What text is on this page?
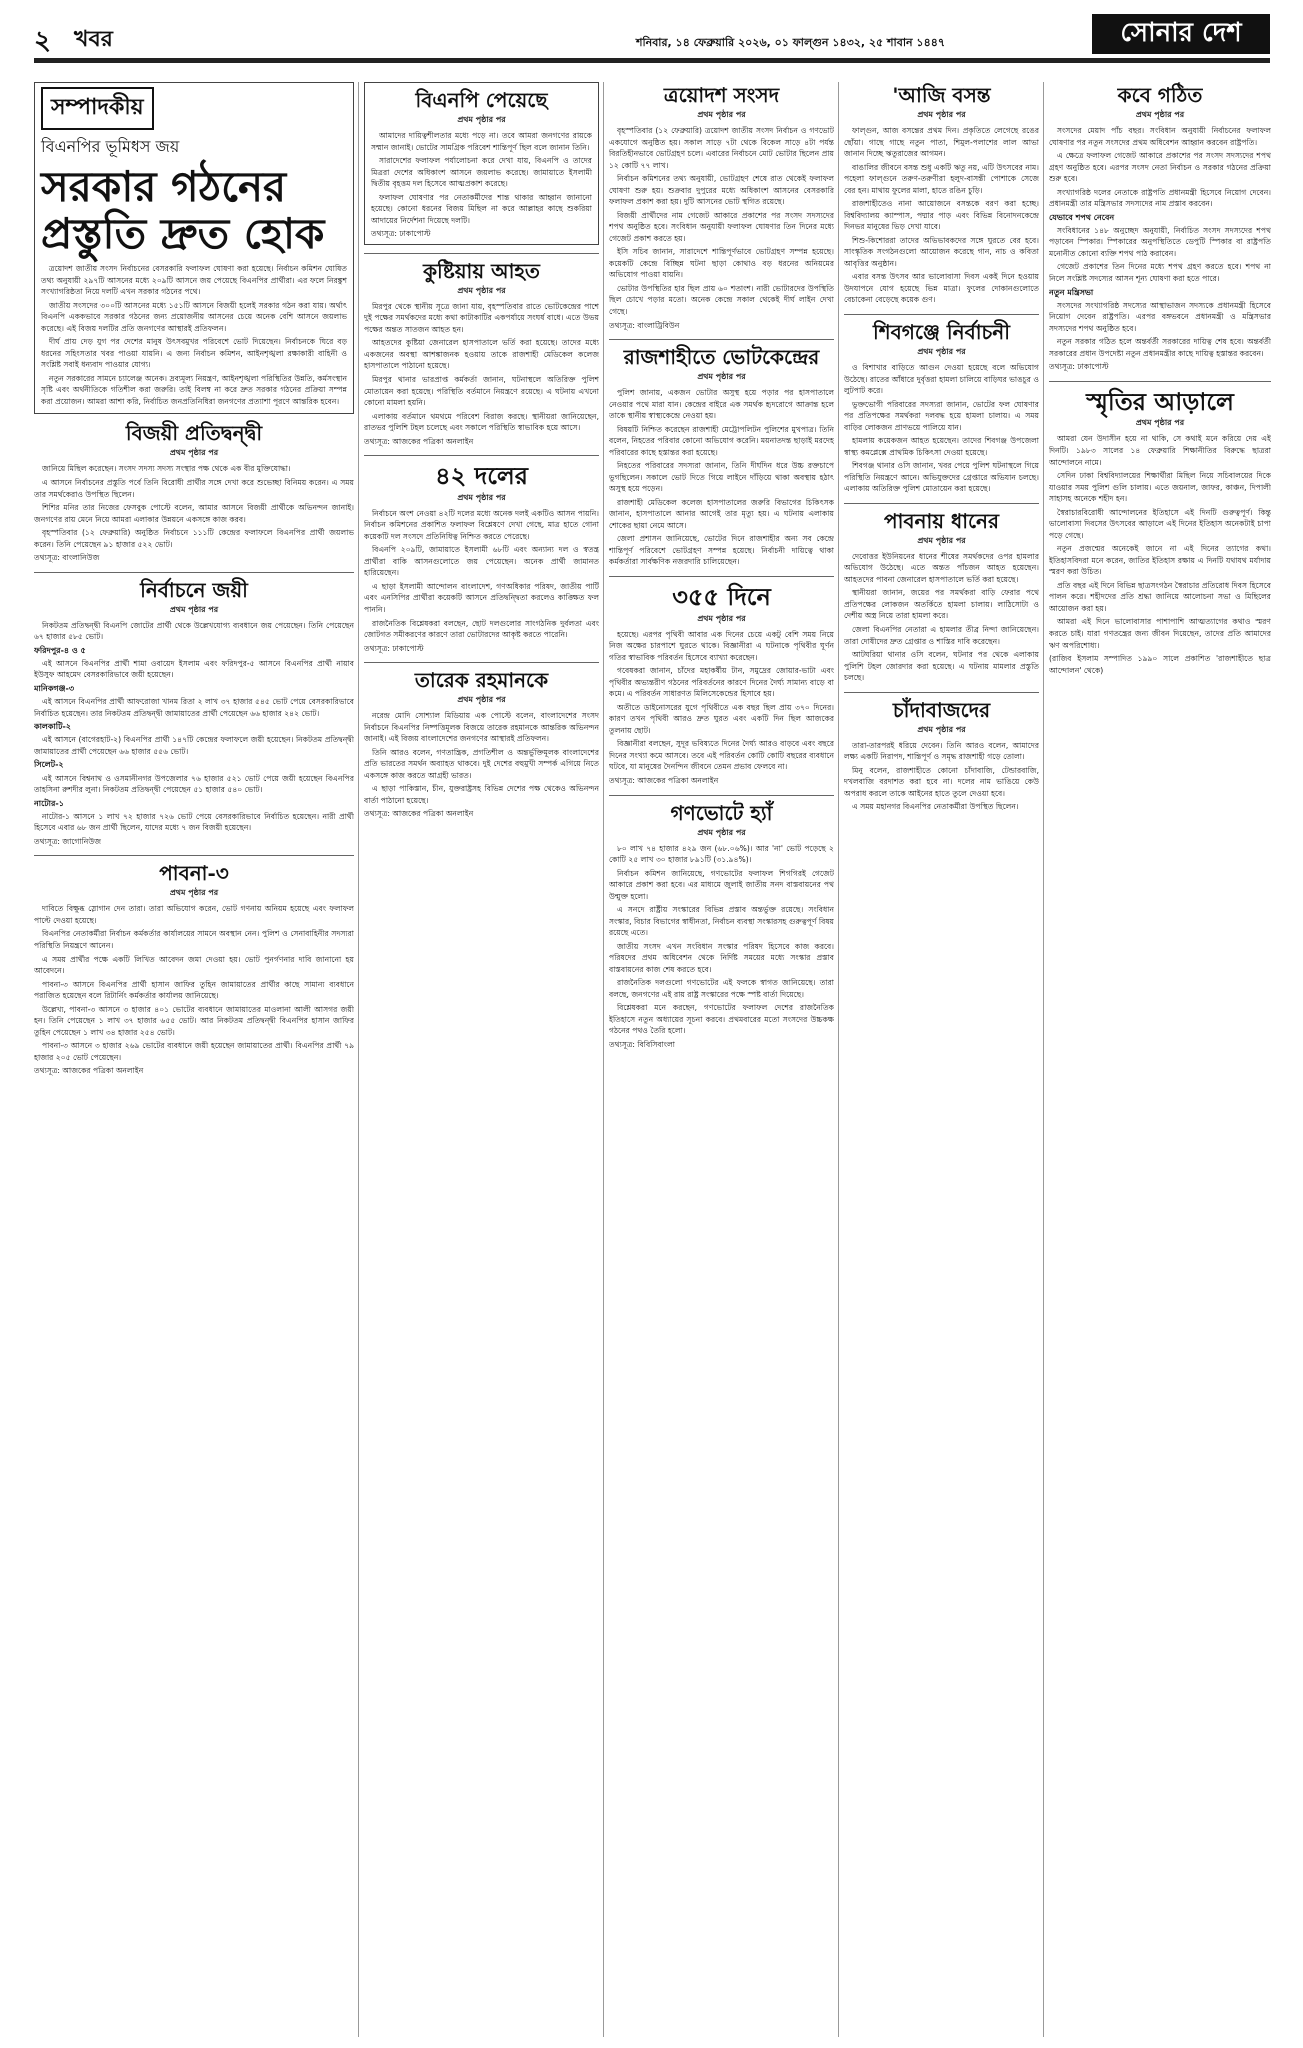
২ খবর	শনিবার, ১৪ ফেব্রুয়ারি ২০২৬, ০১ ফাল্গুন ১৪৩২, ২৫ শাবান ১৪৪৭	সোনার দেশ
সম্পাদকীয়
বিএনপির ভূমিধস জয়
সরকার গঠনের প্রস্তুতি দ্রুত হোক

ত্রয়োদশ জাতীয় সংসদ নির্বাচনের বেসরকারি ফলাফল ঘোষণা করা হয়েছে। নির্বাচন কমিশন ঘোষিত তথ্য অনুযায়ী ২৯৭টি আসনের মধ্যে ২০৯টি আসনে জয় পেয়েছে বিএনপির প্রার্থীরা। এর ফলে নিরঙ্কুশ সংখ্যাগরিষ্ঠতা নিয়ে দলটি এখন সরকার গঠনের পথে।

জাতীয় সংসদের ৩০০টি আসনের মধ্যে ১৫১টি আসনে বিজয়ী হলেই সরকার গঠন করা যায়। অর্থাৎ বিএনপি এককভাবে সরকার গঠনের জন্য প্রয়োজনীয় আসনের চেয়ে অনেক বেশি আসনে জয়লাভ করেছে। এই বিজয় দলটির প্রতি জনগণের আস্থারই প্রতিফলন।

দীর্ঘ প্রায় দেড় যুগ পর দেশের মানুষ উৎসবমুখর পরিবেশে ভোট দিয়েছেন। নির্বাচনকে ঘিরে বড় ধরনের সহিংসতার খবর পাওয়া যায়নি। এ জন্য নির্বাচন কমিশন, আইনশৃঙ্খলা রক্ষাকারী বাহিনী ও সংশ্লিষ্ট সবাই ধন্যবাদ পাওয়ার যোগ্য।

নতুন সরকারের সামনে চ্যালেঞ্জ অনেক। দ্রব্যমূল্য নিয়ন্ত্রণ, আইনশৃঙ্খলা পরিস্থিতির উন্নতি, কর্মসংস্থান সৃষ্টি এবং অর্থনীতিকে গতিশীল করা জরুরি। তাই বিলম্ব না করে দ্রুত সরকার গঠনের প্রক্রিয়া সম্পন্ন করা প্রয়োজন। আমরা আশা করি, নির্বাচিত জনপ্রতিনিধিরা জনগণের প্রত্যাশা পূরণে আন্তরিক হবেন।

বিজয়ী প্রতিদ্বন্দ্বী
প্রথম পৃষ্ঠার পর

জানিয়ে মিছিল করেছেন। সংসদ সদস্য সদস্য সংস্থার পক্ষ থেকে এক বীর মুক্তিযোদ্ধা।

এ আসনে নির্বাচনের প্রস্তুতি পর্বে তিনি বিরোধী প্রার্থীর সঙ্গে দেখা করে শুভেচ্ছা বিনিময় করেন। এ সময় তার সমর্থকেরাও উপস্থিত ছিলেন।

শিশির মনির তার নিজের ফেসবুক পোস্টে বলেন, আমার আসনে বিজয়ী প্রার্থীকে অভিনন্দন জানাই। জনগণের রায় মেনে নিয়ে আমরা এলাকার উন্নয়নে একসঙ্গে কাজ করব।

বৃহস্পতিবার (১২ ফেব্রুয়ারি) অনুষ্ঠিত নির্বাচনে ১১১টি কেন্দ্রের ফলাফলে বিএনপির প্রার্থী জয়লাভ করেন। তিনি পেয়েছেন ৯১ হাজার ৫২২ ভোট।

তথ্যসূত্র: বাংলানিউজ
নির্বাচনে জয়ী
প্রথম পৃষ্ঠার পর

নিকটতম প্রতিদ্বন্দ্বী বিএনপি জোটের প্রার্থী থেকে উল্লেখযোগ্য ব্যবধানে জয় পেয়েছেন। তিনি পেয়েছেন ৬৭ হাজার ৫৮৫ ভোট।

ফরিদপুর-৪ ও ৫

এই আসনে বিএনপির প্রার্থী শামা ওবায়েদ ইসলাম এবং ফরিদপুর-৫ আসনে বিএনপির প্রার্থী নায়াব ইউসুফ আহমেদ বেসরকারিভাবে জয়ী হয়েছেন।

মানিকগঞ্জ-৩

এই আসনে বিএনপির প্রার্থী আফরোজা খানম রিতা ২ লাখ ৩৭ হাজার ৫৪৫ ভোট পেয়ে বেসরকারিভাবে নির্বাচিত হয়েছেন। তার নিকটতম প্রতিদ্বন্দ্বী জামায়াতের প্রার্থী পেয়েছেন ৬৬ হাজার ২৪২ ভোট।

কালকাটি-২

এই আসনে (বাগেরহাট-২) বিএনপির প্রার্থী ১৪৭টি কেন্দ্রের ফলাফলে জয়ী হয়েছেন। নিকটতম প্রতিদ্বন্দ্বী জামায়াতের প্রার্থী পেয়েছেন ৬৬ হাজার ৫৫৬ ভোট।

সিলেট-২

এই আসনে বিশ্বনাথ ও ওসমানীনগর উপজেলার ৭৬ হাজার ৫২১ ভোট পেয়ে জয়ী হয়েছেন বিএনপির তাহসিনা রুশদীর লুনা। নিকটতম প্রতিদ্বন্দ্বী পেয়েছেন ৫১ হাজার ৫৪০ ভোট।

নাটোর-১

নাটোর-১ আসনে ১ লাখ ৭২ হাজার ৭২৬ ভোট পেয়ে বেসরকারিভাবে নির্বাচিত হয়েছেন। নারী প্রার্থী হিসেবে এবার ৬৮ জন প্রার্থী ছিলেন, যাদের মধ্যে ৭ জন বিজয়ী হয়েছেন।

তথ্যসূত্র: জাগোনিউজ
পাবনা-৩
প্রথম পৃষ্ঠার পর

দাবিতে বিক্ষুব্ধ স্লোগান দেন তারা। তারা অভিযোগ করেন, ভোট গণনায় অনিয়ম হয়েছে এবং ফলাফল পাল্টে দেওয়া হয়েছে।

বিএনপির নেতাকর্মীরা নির্বাচন কর্মকর্তার কার্যালয়ের সামনে অবস্থান নেন। পুলিশ ও সেনাবাহিনীর সদস্যরা পরিস্থিতি নিয়ন্ত্রণে আনেন।

এ সময় প্রার্থীর পক্ষে একটি লিখিত আবেদন জমা দেওয়া হয়। ভোট পুনর্গণনার দাবি জানানো হয় আবেদনে।

পাবনা-৩ আসনে বিএনপির প্রার্থী হাসান জাফির তুহিন জামায়াতের প্রার্থীর কাছে সামান্য ব্যবধানে পরাজিত হয়েছেন বলে রিটার্নিং কর্মকর্তার কার্যালয় জানিয়েছে।

উল্লেখ্য, পাবনা-৩ আসনে ৩ হাজার ৪০১ ভোটের ব্যবধানে জামায়াতের মাওলানা আলী আসগর জয়ী হন। তিনি পেয়েছেন ১ লাখ ৩৭ হাজার ৬৫৫ ভোট। আর নিকটতম প্রতিদ্বন্দ্বী বিএনপির হাসান জাফির তুহিন পেয়েছেন ১ লাখ ৩৪ হাজার ২৫৪ ভোট।

পাবনা-৩ আসনে ৩ হাজার ২৬৯ ভোটের ব্যবধানে জয়ী হয়েছেন জামায়াতের প্রার্থী। বিএনপির প্রার্থী ৭৯ হাজার ২০৫ ভোট পেয়েছেন।

তথ্যসূত্র: আজকের পত্রিকা অনলাইন
বিএনপি পেয়েছে
প্রথম পৃষ্ঠার পর

আমাদের দায়িত্বশীলতার মধ্যে পড়ে না। তবে আমরা জনগণের রায়কে সম্মান জানাই। ভোটের সামগ্রিক পরিবেশ শান্তিপূর্ণ ছিল বলে জানান তিনি।

সারাদেশের ফলাফল পর্যালোচনা করে দেখা যায়, বিএনপি ও তাদের মিত্ররা দেশের অধিকাংশ আসনে জয়লাভ করেছে। জামায়াতে ইসলামী দ্বিতীয় বৃহত্তম দল হিসেবে আত্মপ্রকাশ করেছে।

ফলাফল ঘোষণার পর নেতাকর্মীদের শান্ত থাকার আহ্বান জানানো হয়েছে। কোনো ধরনের বিজয় মিছিল না করে আল্লাহর কাছে শুকরিয়া আদায়ের নির্দেশনা দিয়েছে দলটি।

তথ্যসূত্র: ঢাকাপোস্ট
কুষ্টিয়ায় আহত
প্রথম পৃষ্ঠার পর

মিরপুর থেকে স্থানীয় সূত্রে জানা যায়, বৃহস্পতিবার রাতে ভোটকেন্দ্রের পাশে দুই পক্ষের সমর্থকদের মধ্যে কথা কাটাকাটির একপর্যায়ে সংঘর্ষ বাধে। এতে উভয় পক্ষের অন্তত সাতজন আহত হন।

আহতদের কুষ্টিয়া জেনারেল হাসপাতালে ভর্তি করা হয়েছে। তাদের মধ্যে একজনের অবস্থা আশঙ্কাজনক হওয়ায় তাকে রাজশাহী মেডিকেল কলেজ হাসপাতালে পাঠানো হয়েছে।

মিরপুর থানার ভারপ্রাপ্ত কর্মকর্তা জানান, ঘটনাস্থলে অতিরিক্ত পুলিশ মোতায়েন করা হয়েছে। পরিস্থিতি বর্তমানে নিয়ন্ত্রণে রয়েছে। এ ঘটনায় এখনো কোনো মামলা হয়নি।

এলাকায় বর্তমানে থমথমে পরিবেশ বিরাজ করছে। স্থানীয়রা জানিয়েছেন, রাতভর পুলিশি টহল চলেছে এবং সকালে পরিস্থিতি স্বাভাবিক হয়ে আসে।

তথ্যসূত্র: আজকের পত্রিকা অনলাইন
৪২ দলের
প্রথম পৃষ্ঠার পর

নির্বাচনে অংশ নেওয়া ৪২টি দলের মধ্যে অনেক দলই একটিও আসন পায়নি। নির্বাচন কমিশনের প্রকাশিত ফলাফল বিশ্লেষণে দেখা গেছে, মাত্র হাতে গোনা কয়েকটি দল সংসদে প্রতিনিধিত্ব নিশ্চিত করতে পেরেছে।

বিএনপি ২০৯টি, জামায়াতে ইসলামী ৬৮টি এবং অন্যান্য দল ও স্বতন্ত্র প্রার্থীরা বাকি আসনগুলোতে জয় পেয়েছেন। অনেক প্রার্থী জামানত হারিয়েছেন।

এ ছাড়া ইসলামী আন্দোলন বাংলাদেশ, গণঅধিকার পরিষদ, জাতীয় পার্টি এবং এনসিপির প্রার্থীরা কয়েকটি আসনে প্রতিদ্বন্দ্বিতা করলেও কাঙ্ক্ষিত ফল পাননি।

রাজনৈতিক বিশ্লেষকরা বলছেন, ছোট দলগুলোর সাংগঠনিক দুর্বলতা এবং জোটগত সমীকরণের কারণে তারা ভোটারদের আকৃষ্ট করতে পারেনি।

তথ্যসূত্র: ঢাকাপোস্ট
তারেক রহমানকে
প্রথম পৃষ্ঠার পর

নরেন্দ্র মোদি সোশ্যাল মিডিয়ায় এক পোস্টে বলেন, বাংলাদেশের সংসদ নির্বাচনে বিএনপির নিষ্পত্তিমূলক বিজয়ে তারেক রহমানকে আন্তরিক অভিনন্দন জানাই। এই বিজয় বাংলাদেশের জনগণের আস্থারই প্রতিফলন।

তিনি আরও বলেন, গণতান্ত্রিক, প্রগতিশীল ও অন্তর্ভুক্তিমূলক বাংলাদেশের প্রতি ভারতের সমর্থন অব্যাহত থাকবে। দুই দেশের বহুমুখী সম্পর্ক এগিয়ে নিতে একসঙ্গে কাজ করতে আগ্রহী ভারত।

এ ছাড়া পাকিস্তান, চীন, যুক্তরাষ্ট্রসহ বিভিন্ন দেশের পক্ষ থেকেও অভিনন্দন বার্তা পাঠানো হয়েছে।

তথ্যসূত্র: আজকের পত্রিকা অনলাইন
ত্রয়োদশ সংসদ
প্রথম পৃষ্ঠার পর

বৃহস্পতিবার (১২ ফেব্রুয়ারি) ত্রয়োদশ জাতীয় সংসদ নির্বাচন ও গণভোট একযোগে অনুষ্ঠিত হয়। সকাল সাড়ে ৭টা থেকে বিকেল সাড়ে ৪টা পর্যন্ত বিরতিহীনভাবে ভোটগ্রহণ চলে। এবারের নির্বাচনে মোট ভোটার ছিলেন প্রায় ১২ কোটি ৭৭ লাখ।

নির্বাচন কমিশনের তথ্য অনুযায়ী, ভোটগ্রহণ শেষে রাত থেকেই ফলাফল ঘোষণা শুরু হয়। শুক্রবার দুপুরের মধ্যে অধিকাংশ আসনের বেসরকারি ফলাফল প্রকাশ করা হয়। দুটি আসনের ভোট স্থগিত রয়েছে।

বিজয়ী প্রার্থীদের নাম গেজেট আকারে প্রকাশের পর সংসদ সদস্যদের শপথ অনুষ্ঠিত হবে। সংবিধান অনুযায়ী ফলাফল ঘোষণার তিন দিনের মধ্যে গেজেট প্রকাশ করতে হয়।

ইসি সচিব জানান, সারাদেশে শান্তিপূর্ণভাবে ভোটগ্রহণ সম্পন্ন হয়েছে। কয়েকটি কেন্দ্রে বিচ্ছিন্ন ঘটনা ছাড়া কোথাও বড় ধরনের অনিয়মের অভিযোগ পাওয়া যায়নি।

ভোটার উপস্থিতির হার ছিল প্রায় ৬০ শতাংশ। নারী ভোটারদের উপস্থিতি ছিল চোখে পড়ার মতো। অনেক কেন্দ্রে সকাল থেকেই দীর্ঘ লাইন দেখা গেছে।

তথ্যসূত্র: বাংলাট্রিবিউন
রাজশাহীতে ভোটকেন্দ্রের
প্রথম পৃষ্ঠার পর

পুলিশ জানায়, একজন ভোটার অসুস্থ হয়ে পড়ার পর হাসপাতালে নেওয়ার পথে মারা যান। কেন্দ্রের বাইরে এক সমর্থক হৃদরোগে আক্রান্ত হলে তাকে স্থানীয় স্বাস্থ্যকেন্দ্রে নেওয়া হয়।

বিষয়টি নিশ্চিত করেছেন রাজশাহী মেট্রোপলিটন পুলিশের মুখপাত্র। তিনি বলেন, নিহতের পরিবার কোনো অভিযোগ করেনি। ময়নাতদন্ত ছাড়াই মরদেহ পরিবারের কাছে হস্তান্তর করা হয়েছে।

নিহতের পরিবারের সদস্যরা জানান, তিনি দীর্ঘদিন ধরে উচ্চ রক্তচাপে ভুগছিলেন। সকালে ভোট দিতে গিয়ে লাইনে দাঁড়িয়ে থাকা অবস্থায় হঠাৎ অসুস্থ হয়ে পড়েন।

রাজশাহী মেডিকেল কলেজ হাসপাতালের জরুরি বিভাগের চিকিৎসক জানান, হাসপাতালে আনার আগেই তার মৃত্যু হয়। এ ঘটনায় এলাকায় শোকের ছায়া নেমে আসে।

জেলা প্রশাসন জানিয়েছে, ভোটের দিনে রাজশাহীর অন্য সব কেন্দ্রে শান্তিপূর্ণ পরিবেশে ভোটগ্রহণ সম্পন্ন হয়েছে। নির্বাচনী দায়িত্বে থাকা কর্মকর্তারা সার্বক্ষণিক নজরদারি চালিয়েছেন।

৩৫৫ দিনে
প্রথম পৃষ্ঠার পর

হয়েছে। এরপর পৃথিবী আবার এক দিনের চেয়ে একটু বেশি সময় নিয়ে নিজ অক্ষের চারপাশে ঘুরতে থাকে। বিজ্ঞানীরা এ ঘটনাকে পৃথিবীর ঘূর্ণন গতির স্বাভাবিক পরিবর্তন হিসেবে ব্যাখ্যা করেছেন।

গবেষকরা জানান, চাঁদের মহাকর্ষীয় টান, সমুদ্রের জোয়ার-ভাটা এবং পৃথিবীর অভ্যন্তরীণ গঠনের পরিবর্তনের কারণে দিনের দৈর্ঘ্য সামান্য বাড়ে বা কমে। এ পরিবর্তন সাধারণত মিলিসেকেন্ডের হিসাবে হয়।

অতীতে ডাইনোসরের যুগে পৃথিবীতে এক বছর ছিল প্রায় ৩৭০ দিনের। কারণ তখন পৃথিবী আরও দ্রুত ঘুরত এবং একটি দিন ছিল আজকের তুলনায় ছোট।

বিজ্ঞানীরা বলছেন, সুদূর ভবিষ্যতে দিনের দৈর্ঘ্য আরও বাড়বে এবং বছরে দিনের সংখ্যা কমে আসবে। তবে এই পরিবর্তন কোটি কোটি বছরের ব্যবধানে ঘটবে, যা মানুষের দৈনন্দিন জীবনে তেমন প্রভাব ফেলবে না।

তথ্যসূত্র: আজকের পত্রিকা অনলাইন
গণভোটে হ্যাঁ
প্রথম পৃষ্ঠার পর

৮০ লাখ ৭৪ হাজার ৪২৯ জন (৬৮.০৬%)। আর 'না' ভোট পড়েছে ২ কোটি ২৫ লাখ ৩০ হাজার ৮৯১টি (৩১.৯৪%)।

নির্বাচন কমিশন জানিয়েছে, গণভোটের ফলাফল শিগগিরই গেজেট আকারে প্রকাশ করা হবে। এর মাধ্যমে জুলাই জাতীয় সনদ বাস্তবায়নের পথ উন্মুক্ত হলো।

এ সনদে রাষ্ট্রীয় সংস্কারের বিভিন্ন প্রস্তাব অন্তর্ভুক্ত রয়েছে। সংবিধান সংস্কার, বিচার বিভাগের স্বাধীনতা, নির্বাচন ব্যবস্থা সংস্কারসহ গুরুত্বপূর্ণ বিষয় রয়েছে এতে।

জাতীয় সংসদ এখন সংবিধান সংস্কার পরিষদ হিসেবে কাজ করবে। পরিষদের প্রথম অধিবেশন থেকে নির্দিষ্ট সময়ের মধ্যে সংস্কার প্রস্তাব বাস্তবায়নের কাজ শেষ করতে হবে।

রাজনৈতিক দলগুলো গণভোটের এই ফলকে স্বাগত জানিয়েছে। তারা বলছে, জনগণের এই রায় রাষ্ট্র সংস্কারের পক্ষে স্পষ্ট বার্তা দিয়েছে।

বিশ্লেষকরা মনে করছেন, গণভোটের ফলাফল দেশের রাজনৈতিক ইতিহাসে নতুন অধ্যায়ের সূচনা করবে। প্রথমবারের মতো সংসদের উচ্চকক্ষ গঠনের পথও তৈরি হলো।

তথ্যসূত্র: বিবিসিবাংলা
'আজি বসন্ত
প্রথম পৃষ্ঠার পর

ফাল্গুন, আজ বসন্তের প্রথম দিন। প্রকৃতিতে লেগেছে রঙের ছোঁয়া। গাছে গাছে নতুন পাতা, শিমুল-পলাশের লাল আভা জানান দিচ্ছে ঋতুরাজের আগমন।

বাঙালির জীবনে বসন্ত শুধু একটি ঋতু নয়, এটি উৎসবের নাম। পহেলা ফাল্গুনে তরুণ-তরুণীরা হলুদ-বাসন্তী পোশাকে সেজে বের হন। মাথায় ফুলের মালা, হাতে রঙিন চুড়ি।

রাজশাহীতেও নানা আয়োজনে বসন্তকে বরণ করা হচ্ছে। বিশ্ববিদ্যালয় ক্যাম্পাস, পদ্মার পাড় এবং বিভিন্ন বিনোদনকেন্দ্রে দিনভর মানুষের ভিড় দেখা যাবে।

শিশু-কিশোররা তাদের অভিভাবকদের সঙ্গে ঘুরতে বের হবে। সাংস্কৃতিক সংগঠনগুলো আয়োজন করেছে গান, নাচ ও কবিতা আবৃত্তির অনুষ্ঠান।

এবার বসন্ত উৎসব আর ভালোবাসা দিবস একই দিনে হওয়ায় উদযাপনে যোগ হয়েছে ভিন্ন মাত্রা। ফুলের দোকানগুলোতে বেচাকেনা বেড়েছে কয়েক গুণ।

শিবগঞ্জে নির্বাচনী
প্রথম পৃষ্ঠার পর

ও বিশাখার বাড়িতে আগুন দেওয়া হয়েছে বলে অভিযোগ উঠেছে। রাতের আঁধারে দুর্বৃত্তরা হামলা চালিয়ে বাড়িঘর ভাঙচুর ও লুটপাট করে।

ভুক্তভোগী পরিবারের সদস্যরা জানান, ভোটের ফল ঘোষণার পর প্রতিপক্ষের সমর্থকরা দলবদ্ধ হয়ে হামলা চালায়। এ সময় বাড়ির লোকজন প্রাণভয়ে পালিয়ে যান।

হামলায় কয়েকজন আহত হয়েছেন। তাদের শিবগঞ্জ উপজেলা স্বাস্থ্য কমপ্লেক্সে প্রাথমিক চিকিৎসা দেওয়া হয়েছে।

শিবগঞ্জ থানার ওসি জানান, খবর পেয়ে পুলিশ ঘটনাস্থলে গিয়ে পরিস্থিতি নিয়ন্ত্রণে আনে। অভিযুক্তদের গ্রেপ্তারে অভিযান চলছে। এলাকায় অতিরিক্ত পুলিশ মোতায়েন করা হয়েছে।

পাবনায় ধানের
প্রথম পৃষ্ঠার পর

দেবোত্তর ইউনিয়নের ধানের শীষের সমর্থকদের ওপর হামলার অভিযোগ উঠেছে। এতে অন্তত পাঁচজন আহত হয়েছেন। আহতদের পাবনা জেনারেল হাসপাতালে ভর্তি করা হয়েছে।

স্থানীয়রা জানান, জয়ের পর সমর্থকরা বাড়ি ফেরার পথে প্রতিপক্ষের লোকজন অতর্কিতে হামলা চালায়। লাঠিসোটা ও দেশীয় অস্ত্র নিয়ে তারা হামলা করে।

জেলা বিএনপির নেতারা এ হামলার তীব্র নিন্দা জানিয়েছেন। তারা দোষীদের দ্রুত গ্রেপ্তার ও শাস্তির দাবি করেছেন।

আটঘরিয়া থানার ওসি বলেন, ঘটনার পর থেকে এলাকায় পুলিশি টহল জোরদার করা হয়েছে। এ ঘটনায় মামলার প্রস্তুতি চলছে।

চাঁদাবাজদের
প্রথম পৃষ্ঠার পর

তারা-তারপরই ধরিয়ে দেবেন। তিনি আরও বলেন, আমাদের লক্ষ্য একটি নিরাপদ, শান্তিপূর্ণ ও সমৃদ্ধ রাজশাহী গড়ে তোলা।

মিনু বলেন, রাজশাহীতে কোনো চাঁদাবাজি, টেন্ডারবাজি, দখলবাজি বরদাশত করা হবে না। দলের নাম ভাঙিয়ে কেউ অপরাধ করলে তাকে আইনের হাতে তুলে দেওয়া হবে।

এ সময় মহানগর বিএনপির নেতাকর্মীরা উপস্থিত ছিলেন।

কবে গঠিত
প্রথম পৃষ্ঠার পর

সংসদের মেয়াদ পাঁচ বছর। সংবিধান অনুযায়ী নির্বাচনের ফলাফল ঘোষণার পর নতুন সংসদের প্রথম অধিবেশন আহ্বান করবেন রাষ্ট্রপতি।

এ ক্ষেত্রে ফলাফল গেজেট আকারে প্রকাশের পর সংসদ সদস্যদের শপথ গ্রহণ অনুষ্ঠিত হবে। এরপর সংসদ নেতা নির্বাচন ও সরকার গঠনের প্রক্রিয়া শুরু হবে।

সংখ্যাগরিষ্ঠ দলের নেতাকে রাষ্ট্রপতি প্রধানমন্ত্রী হিসেবে নিয়োগ দেবেন। প্রধানমন্ত্রী তার মন্ত্রিসভার সদস্যদের নাম প্রস্তাব করবেন।

যেভাবে শপথ নেবেন

সংবিধানের ১৪৮ অনুচ্ছেদ অনুযায়ী, নির্বাচিত সংসদ সদস্যদের শপথ পড়াবেন স্পিকার। স্পিকারের অনুপস্থিতিতে ডেপুটি স্পিকার বা রাষ্ট্রপতি মনোনীত কোনো ব্যক্তি শপথ পাঠ করাবেন।

গেজেট প্রকাশের তিন দিনের মধ্যে শপথ গ্রহণ করতে হবে। শপথ না নিলে সংশ্লিষ্ট সদস্যের আসন শূন্য ঘোষণা করা হতে পারে।

নতুন মন্ত্রিসভা

সংসদের সংখ্যাগরিষ্ঠ সদস্যের আস্থাভাজন সদস্যকে প্রধানমন্ত্রী হিসেবে নিয়োগ দেবেন রাষ্ট্রপতি। এরপর বঙ্গভবনে প্রধানমন্ত্রী ও মন্ত্রিসভার সদস্যদের শপথ অনুষ্ঠিত হবে।

নতুন সরকার গঠিত হলে অন্তর্বর্তী সরকারের দায়িত্ব শেষ হবে। অন্তর্বর্তী সরকারের প্রধান উপদেষ্টা নতুন প্রধানমন্ত্রীর কাছে দায়িত্ব হস্তান্তর করবেন।

তথ্যসূত্র: ঢাকাপোস্ট
স্মৃতির আড়ালে
প্রথম পৃষ্ঠার পর

আমরা যেন উদাসীন হয়ে না থাকি, সে কথাই মনে করিয়ে দেয় এই দিনটি। ১৯৮৩ সালের ১৪ ফেব্রুয়ারি শিক্ষানীতির বিরুদ্ধে ছাত্ররা আন্দোলনে নামে।

সেদিন ঢাকা বিশ্ববিদ্যালয়ের শিক্ষার্থীরা মিছিল নিয়ে সচিবালয়ের দিকে যাওয়ার সময় পুলিশ গুলি চালায়। এতে জয়নাল, জাফর, কাঞ্চন, দিপালী সাহাসহ অনেকে শহীদ হন।

স্বৈরাচারবিরোধী আন্দোলনের ইতিহাসে এই দিনটি গুরুত্বপূর্ণ। কিন্তু ভালোবাসা দিবসের উৎসবের আড়ালে এই দিনের ইতিহাস অনেকটাই চাপা পড়ে গেছে।

নতুন প্রজন্মের অনেকেই জানে না এই দিনের ত্যাগের কথা। ইতিহাসবিদরা মনে করেন, জাতির ইতিহাস রক্ষায় এ দিনটি যথাযথ মর্যাদায় স্মরণ করা উচিত।

প্রতি বছর এই দিনে বিভিন্ন ছাত্রসংগঠন স্বৈরাচার প্রতিরোধ দিবস হিসেবে পালন করে। শহীদদের প্রতি শ্রদ্ধা জানিয়ে আলোচনা সভা ও মিছিলের আয়োজন করা হয়।

আমরা এই দিনে ভালোবাসার পাশাপাশি আত্মত্যাগের কথাও স্মরণ করতে চাই। যারা গণতন্ত্রের জন্য জীবন দিয়েছেন, তাদের প্রতি আমাদের ঋণ অপরিশোধ্য।

(রাজিব ইসলাম সম্পাদিত ১৯৯০ সালে প্রকাশিত 'রাজশাহীতে ছাত্র আন্দোলন' থেকে)
